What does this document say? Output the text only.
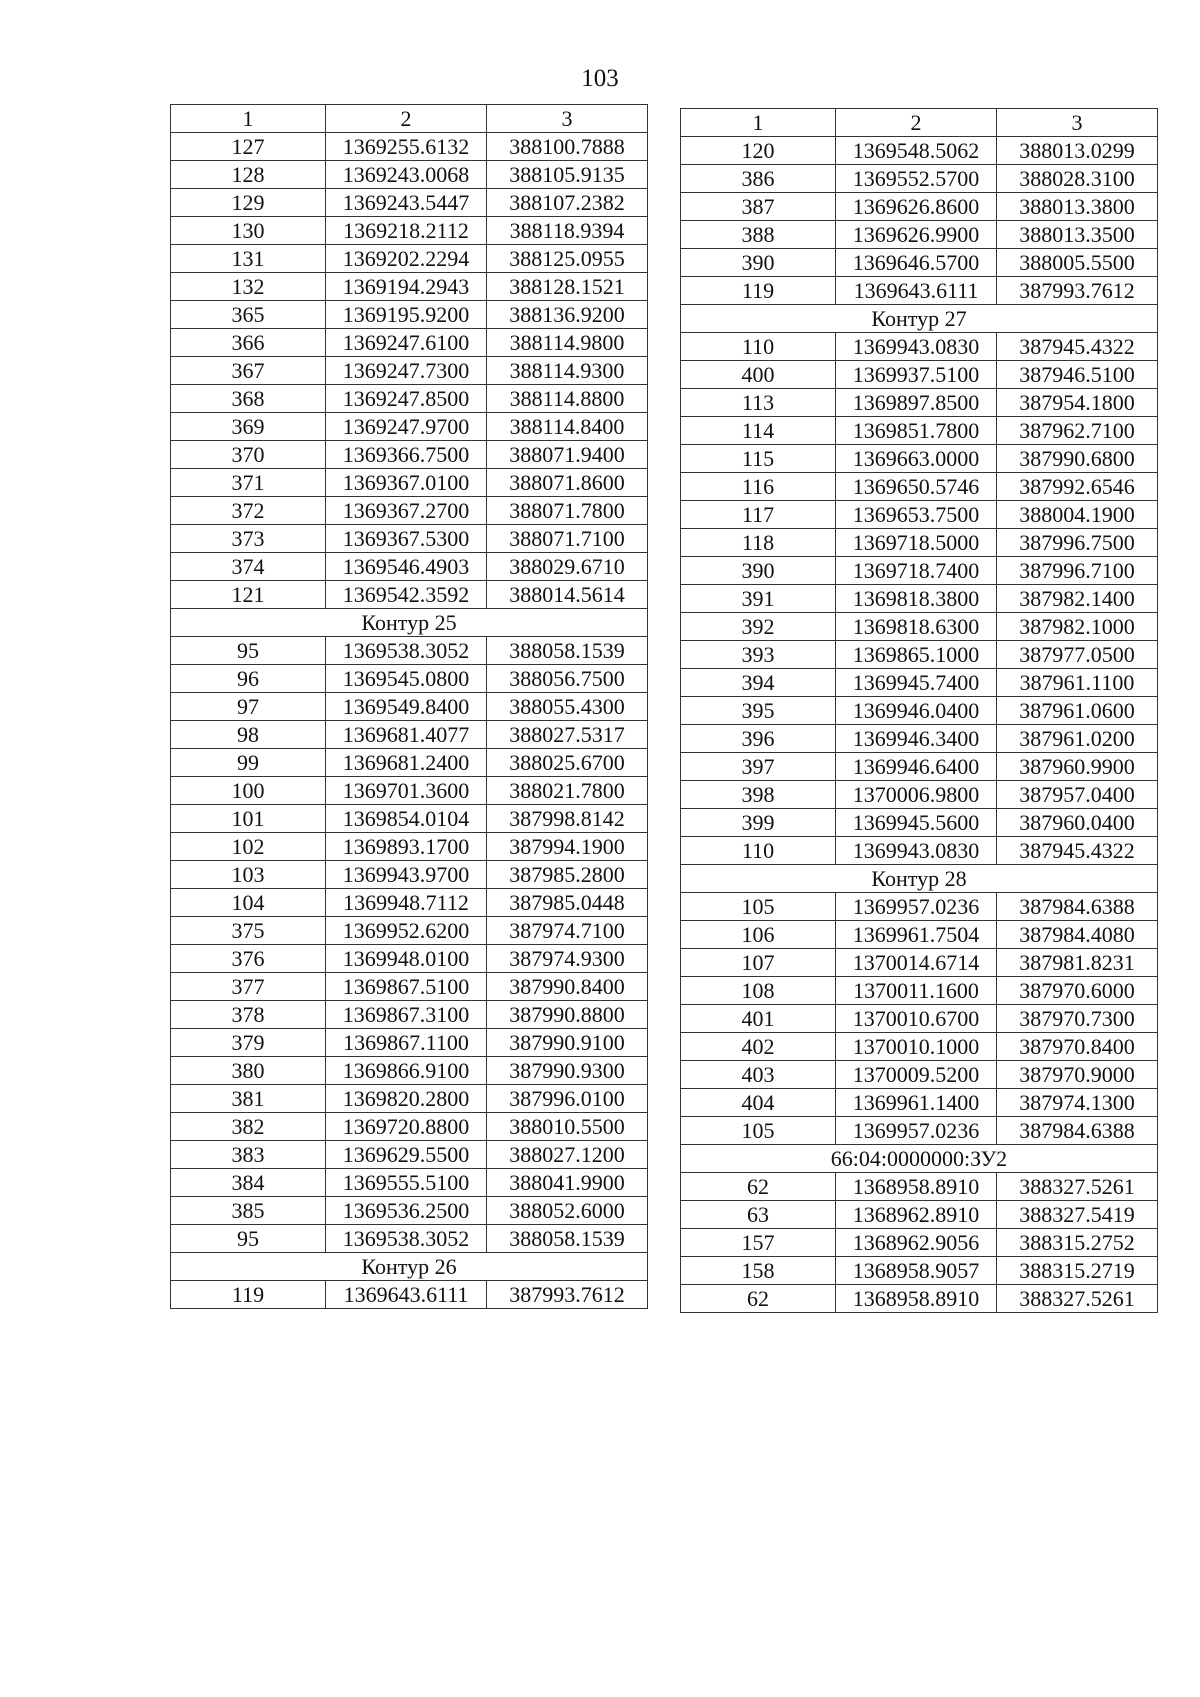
103
1	2	3
127	1369255.6132	388100.7888
128	1369243.0068	388105.9135
129	1369243.5447	388107.2382
130	1369218.2112	388118.9394
131	1369202.2294	388125.0955
132	1369194.2943	388128.1521
365	1369195.9200	388136.9200
366	1369247.6100	388114.9800
367	1369247.7300	388114.9300
368	1369247.8500	388114.8800
369	1369247.9700	388114.8400
370	1369366.7500	388071.9400
371	1369367.0100	388071.8600
372	1369367.2700	388071.7800
373	1369367.5300	388071.7100
374	1369546.4903	388029.6710
121	1369542.3592	388014.5614
Контур 25		
95	1369538.3052	388058.1539
96	1369545.0800	388056.7500
97	1369549.8400	388055.4300
98	1369681.4077	388027.5317
99	1369681.2400	388025.6700
100	1369701.3600	388021.7800
101	1369854.0104	387998.8142
102	1369893.1700	387994.1900
103	1369943.9700	387985.2800
104	1369948.7112	387985.0448
375	1369952.6200	387974.7100
376	1369948.0100	387974.9300
377	1369867.5100	387990.8400
378	1369867.3100	387990.8800
379	1369867.1100	387990.9100
380	1369866.9100	387990.9300
381	1369820.2800	387996.0100
382	1369720.8800	388010.5500
383	1369629.5500	388027.1200
384	1369555.5100	388041.9900
385	1369536.2500	388052.6000
95	1369538.3052	388058.1539
Контур 26		
119	1369643.6111	387993.7612
1	2	3
120	1369548.5062	388013.0299
386	1369552.5700	388028.3100
387	1369626.8600	388013.3800
388	1369626.9900	388013.3500
390	1369646.5700	388005.5500
119	1369643.6111	387993.7612
Контур 27		
110	1369943.0830	387945.4322
400	1369937.5100	387946.5100
113	1369897.8500	387954.1800
114	1369851.7800	387962.7100
115	1369663.0000	387990.6800
116	1369650.5746	387992.6546
117	1369653.7500	388004.1900
118	1369718.5000	387996.7500
390	1369718.7400	387996.7100
391	1369818.3800	387982.1400
392	1369818.6300	387982.1000
393	1369865.1000	387977.0500
394	1369945.7400	387961.1100
395	1369946.0400	387961.0600
396	1369946.3400	387961.0200
397	1369946.6400	387960.9900
398	1370006.9800	387957.0400
399	1369945.5600	387960.0400
110	1369943.0830	387945.4322
Контур 28		
105	1369957.0236	387984.6388
106	1369961.7504	387984.4080
107	1370014.6714	387981.8231
108	1370011.1600	387970.6000
401	1370010.6700	387970.7300
402	1370010.1000	387970.8400
403	1370009.5200	387970.9000
404	1369961.1400	387974.1300
105	1369957.0236	387984.6388
66:04:0000000:ЗУ2		
62	1368958.8910	388327.5261
63	1368962.8910	388327.5419
157	1368962.9056	388315.2752
158	1368958.9057	388315.2719
62	1368958.8910	388327.5261
